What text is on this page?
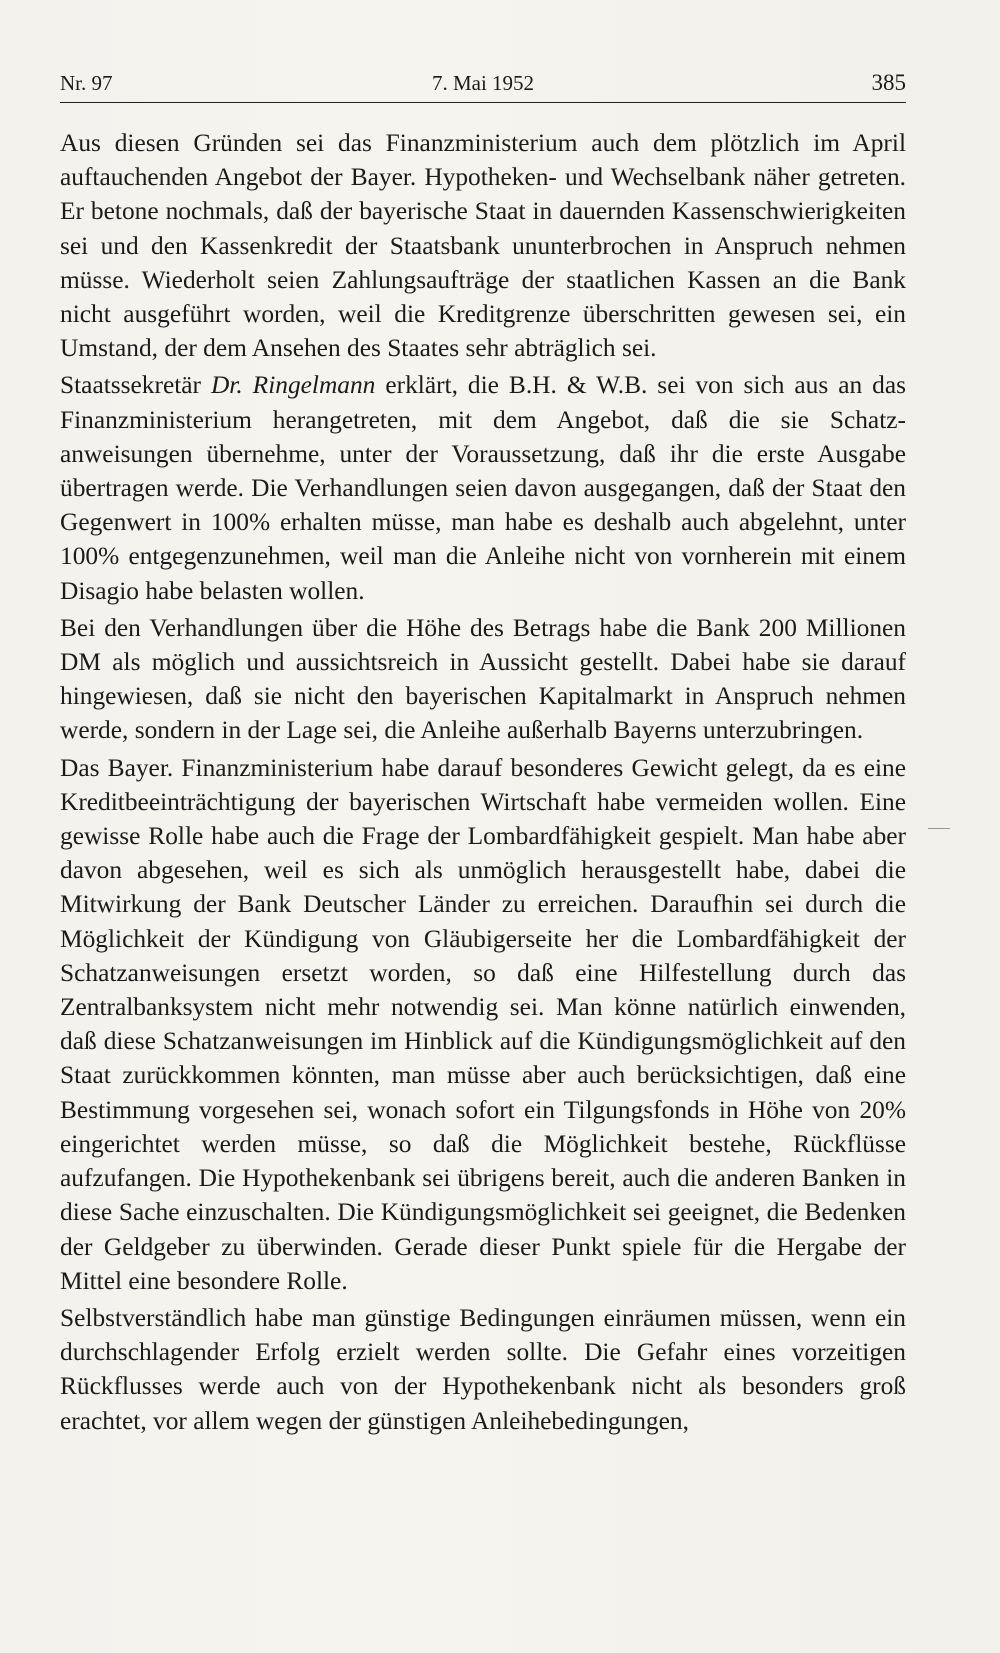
Nr. 97	7. Mai 1952	385

Aus diesen Gründen sei das Finanzministerium auch dem plötzlich im April auftauchenden Angebot der Bayer. Hypotheken- und Wechselbank näher getreten. Er betone nochmals, daß der bayerische Staat in dauernden Kassenschwierigkeiten sei und den Kassenkredit der Staatsbank ununterbrochen in Anspruch nehmen müsse. Wiederholt seien Zahlungsaufträge der staatlichen Kassen an die Bank nicht ausgeführt worden, weil die Kreditgrenze überschritten gewesen sei, ein Umstand, der dem Ansehen des Staates sehr abträglich sei.

Staatssekretär Dr. Ringelmann erklärt, die B.H. & W.B. sei von sich aus an das Finanzministerium herangetreten, mit dem Angebot, daß die sie Schatzanweisungen übernehme, unter der Voraussetzung, daß ihr die erste Ausgabe übertragen werde. Die Verhandlungen seien davon ausgegangen, daß der Staat den Gegenwert in 100% erhalten müsse, man habe es deshalb auch abgelehnt, unter 100% entgegenzunehmen, weil man die Anleihe nicht von vornherein mit einem Disagio habe belasten wollen.

Bei den Verhandlungen über die Höhe des Betrags habe die Bank 200 Millionen DM als möglich und aussichtsreich in Aussicht gestellt. Dabei habe sie darauf hingewiesen, daß sie nicht den bayerischen Kapitalmarkt in Anspruch nehmen werde, sondern in der Lage sei, die Anleihe außerhalb Bayerns unterzubringen.

Das Bayer. Finanzministerium habe darauf besonderes Gewicht gelegt, da es eine Kreditbeeinträchtigung der bayerischen Wirtschaft habe vermeiden wollen. Eine gewisse Rolle habe auch die Frage der Lombardfähigkeit gespielt. Man habe aber davon abgesehen, weil es sich als unmöglich herausgestellt habe, dabei die Mitwirkung der Bank Deutscher Länder zu erreichen. Daraufhin sei durch die Möglichkeit der Kündigung von Gläubigerseite her die Lombardfähigkeit der Schatzanweisungen ersetzt worden, so daß eine Hilfestellung durch das Zentralbanksystem nicht mehr notwendig sei. Man könne natürlich einwenden, daß diese Schatzanweisungen im Hinblick auf die Kündigungsmöglichkeit auf den Staat zurückkommen könnten, man müsse aber auch berücksichtigen, daß eine Bestimmung vorgesehen sei, wonach sofort ein Tilgungsfonds in Höhe von 20% eingerichtet werden müsse, so daß die Möglichkeit bestehe, Rückflüsse aufzufangen. Die Hypothekenbank sei übrigens bereit, auch die anderen Banken in diese Sache einzuschalten. Die Kündigungsmöglichkeit sei geeignet, die Bedenken der Geldgeber zu überwinden. Gerade dieser Punkt spiele für die Hergabe der Mittel eine besondere Rolle.

Selbstverständlich habe man günstige Bedingungen einräumen müssen, wenn ein durchschlagender Erfolg erzielt werden sollte. Die Gefahr eines vorzeitigen Rückflusses werde auch von der Hypothekenbank nicht als besonders groß erachtet, vor allem wegen der günstigen Anleihebedingungen,
